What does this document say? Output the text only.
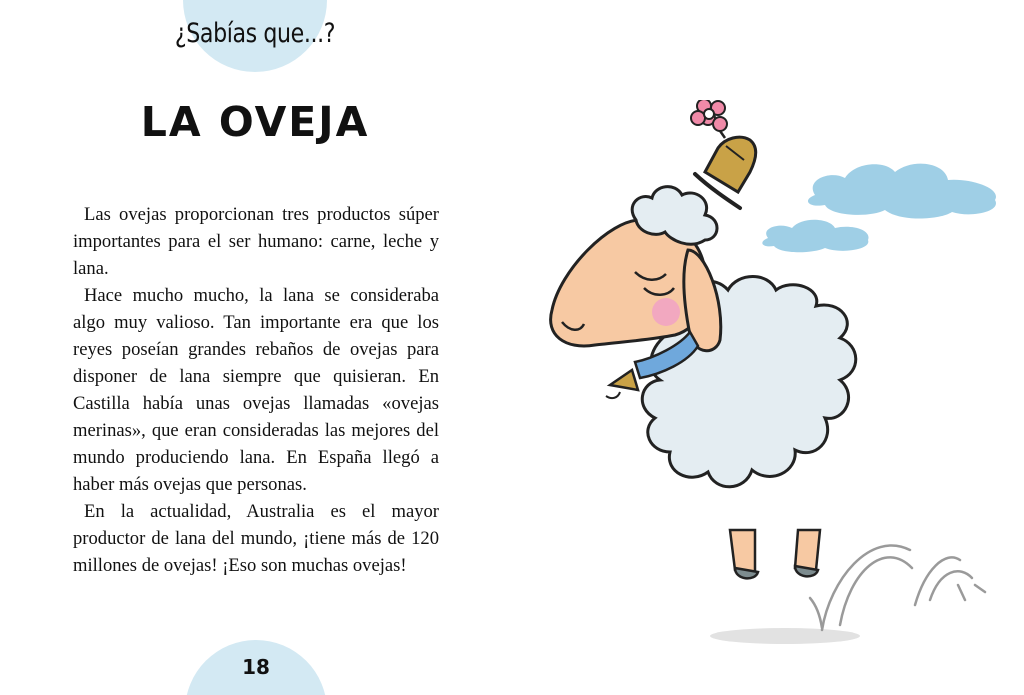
¿Sabías que...?
LA OVEJA

Las ovejas proporcionan tres productos súper importantes para el ser humano: carne, leche y lana.

Hace mucho mucho, la lana se consideraba algo muy valioso. Tan importante era que los reyes poseían grandes rebaños de ovejas para disponer de lana siempre que quisieran. En Castilla había unas ovejas llamadas «ovejas merinas», que eran consideradas las mejores del mundo produciendo lana. En España llegó a haber más ovejas que personas.

En la actualidad, Australia es el mayor productor de lana del mundo, ¡tiene más de 120 millones de ovejas! ¡Eso son muchas ovejas!

18
